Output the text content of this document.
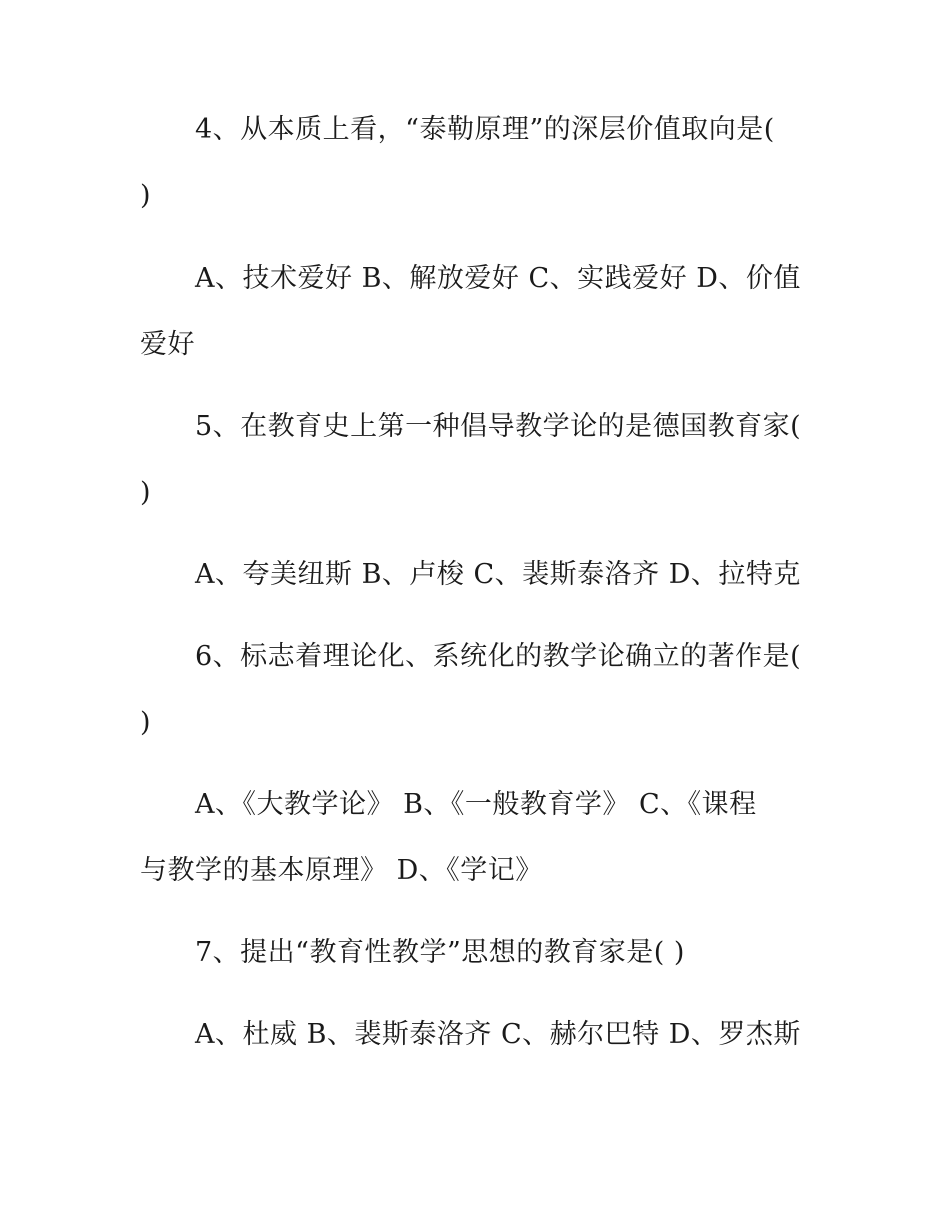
4、从本质上看，“泰勒原理”的深层价值取向是(
)
A、技术爱好 B、解放爱好 C、实践爱好 D、价值
爱好
5、在教育史上第一种倡导教学论的是德国教育家(
)
A、夸美纽斯 B、卢梭 C、裴斯泰洛齐 D、拉特克
6、标志着理论化、系统化的教学论确立的著作是(
)
A、《大教学论》 B、《一般教育学》 C、《课程
与教学的基本原理》 D、《学记》
7、提出“教育性教学”思想的教育家是( )
A、杜威 B、裴斯泰洛齐 C、赫尔巴特 D、罗杰斯
